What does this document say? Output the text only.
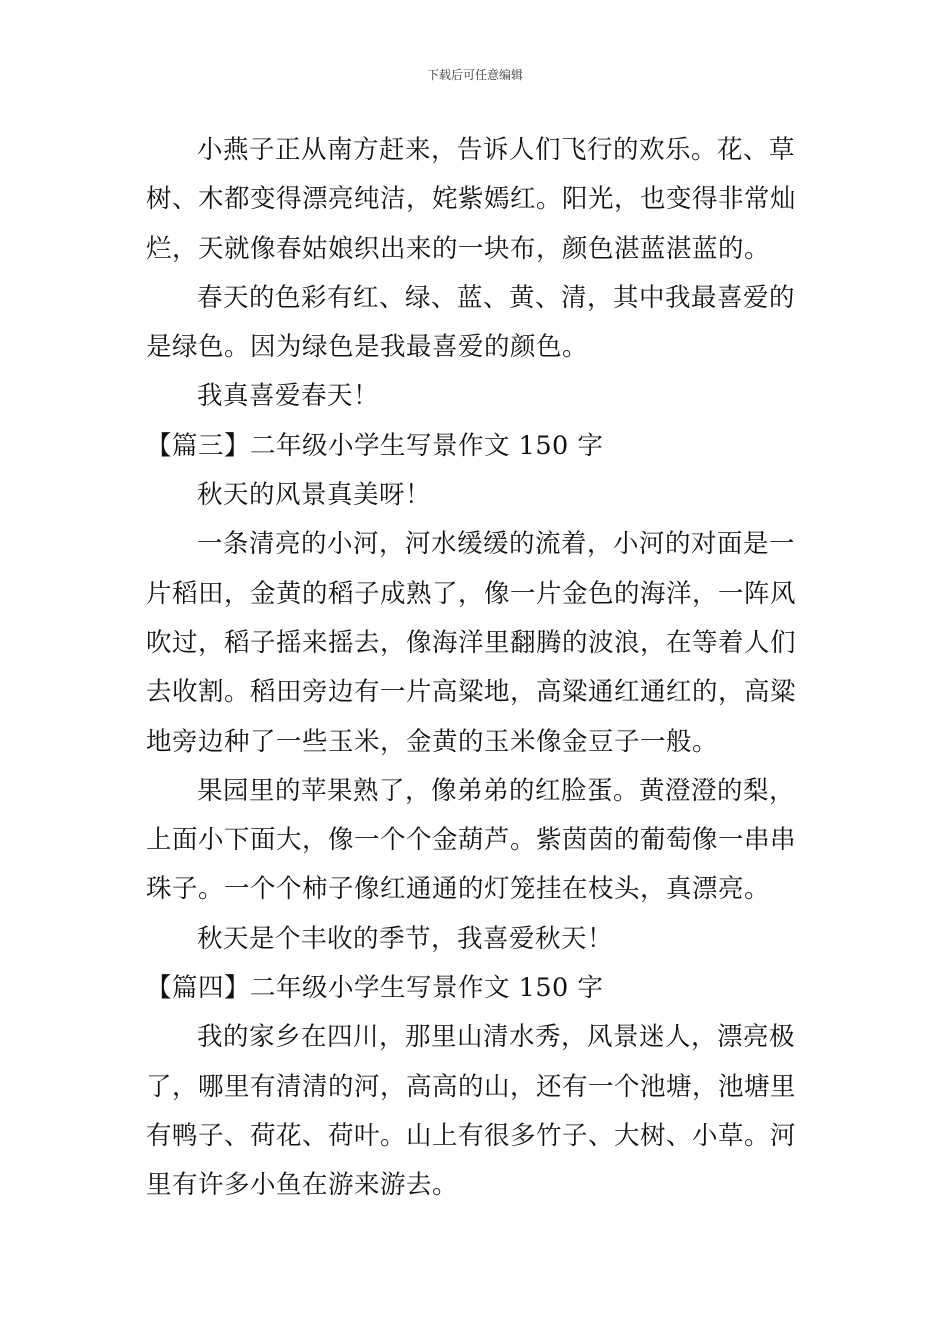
下载后可任意编辑
小燕子正从南方赶来，告诉人们飞行的欢乐。花、草
树、木都变得漂亮纯洁，姹紫嫣红。阳光，也变得非常灿
烂，天就像春姑娘织出来的一块布，颜色湛蓝湛蓝的。
春天的色彩有红、绿、蓝、黄、清，其中我最喜爱的
是绿色。因为绿色是我最喜爱的颜色。
我真喜爱春天！
【篇三】二年级小学生写景作文 150 字
秋天的风景真美呀！
一条清亮的小河，河水缓缓的流着，小河的对面是一
片稻田，金黄的稻子成熟了，像一片金色的海洋，一阵风
吹过，稻子摇来摇去，像海洋里翻腾的波浪，在等着人们
去收割。稻田旁边有一片高粱地，高粱通红通红的，高粱
地旁边种了一些玉米，金黄的玉米像金豆子一般。
果园里的苹果熟了，像弟弟的红脸蛋。黄澄澄的梨，
上面小下面大，像一个个金葫芦。紫茵茵的葡萄像一串串
珠子。一个个柿子像红通通的灯笼挂在枝头，真漂亮。
秋天是个丰收的季节，我喜爱秋天！
【篇四】二年级小学生写景作文 150 字
我的家乡在四川，那里山清水秀，风景迷人，漂亮极
了，哪里有清清的河，高高的山，还有一个池塘，池塘里
有鸭子、荷花、荷叶。山上有很多竹子、大树、小草。河
里有许多小鱼在游来游去。
